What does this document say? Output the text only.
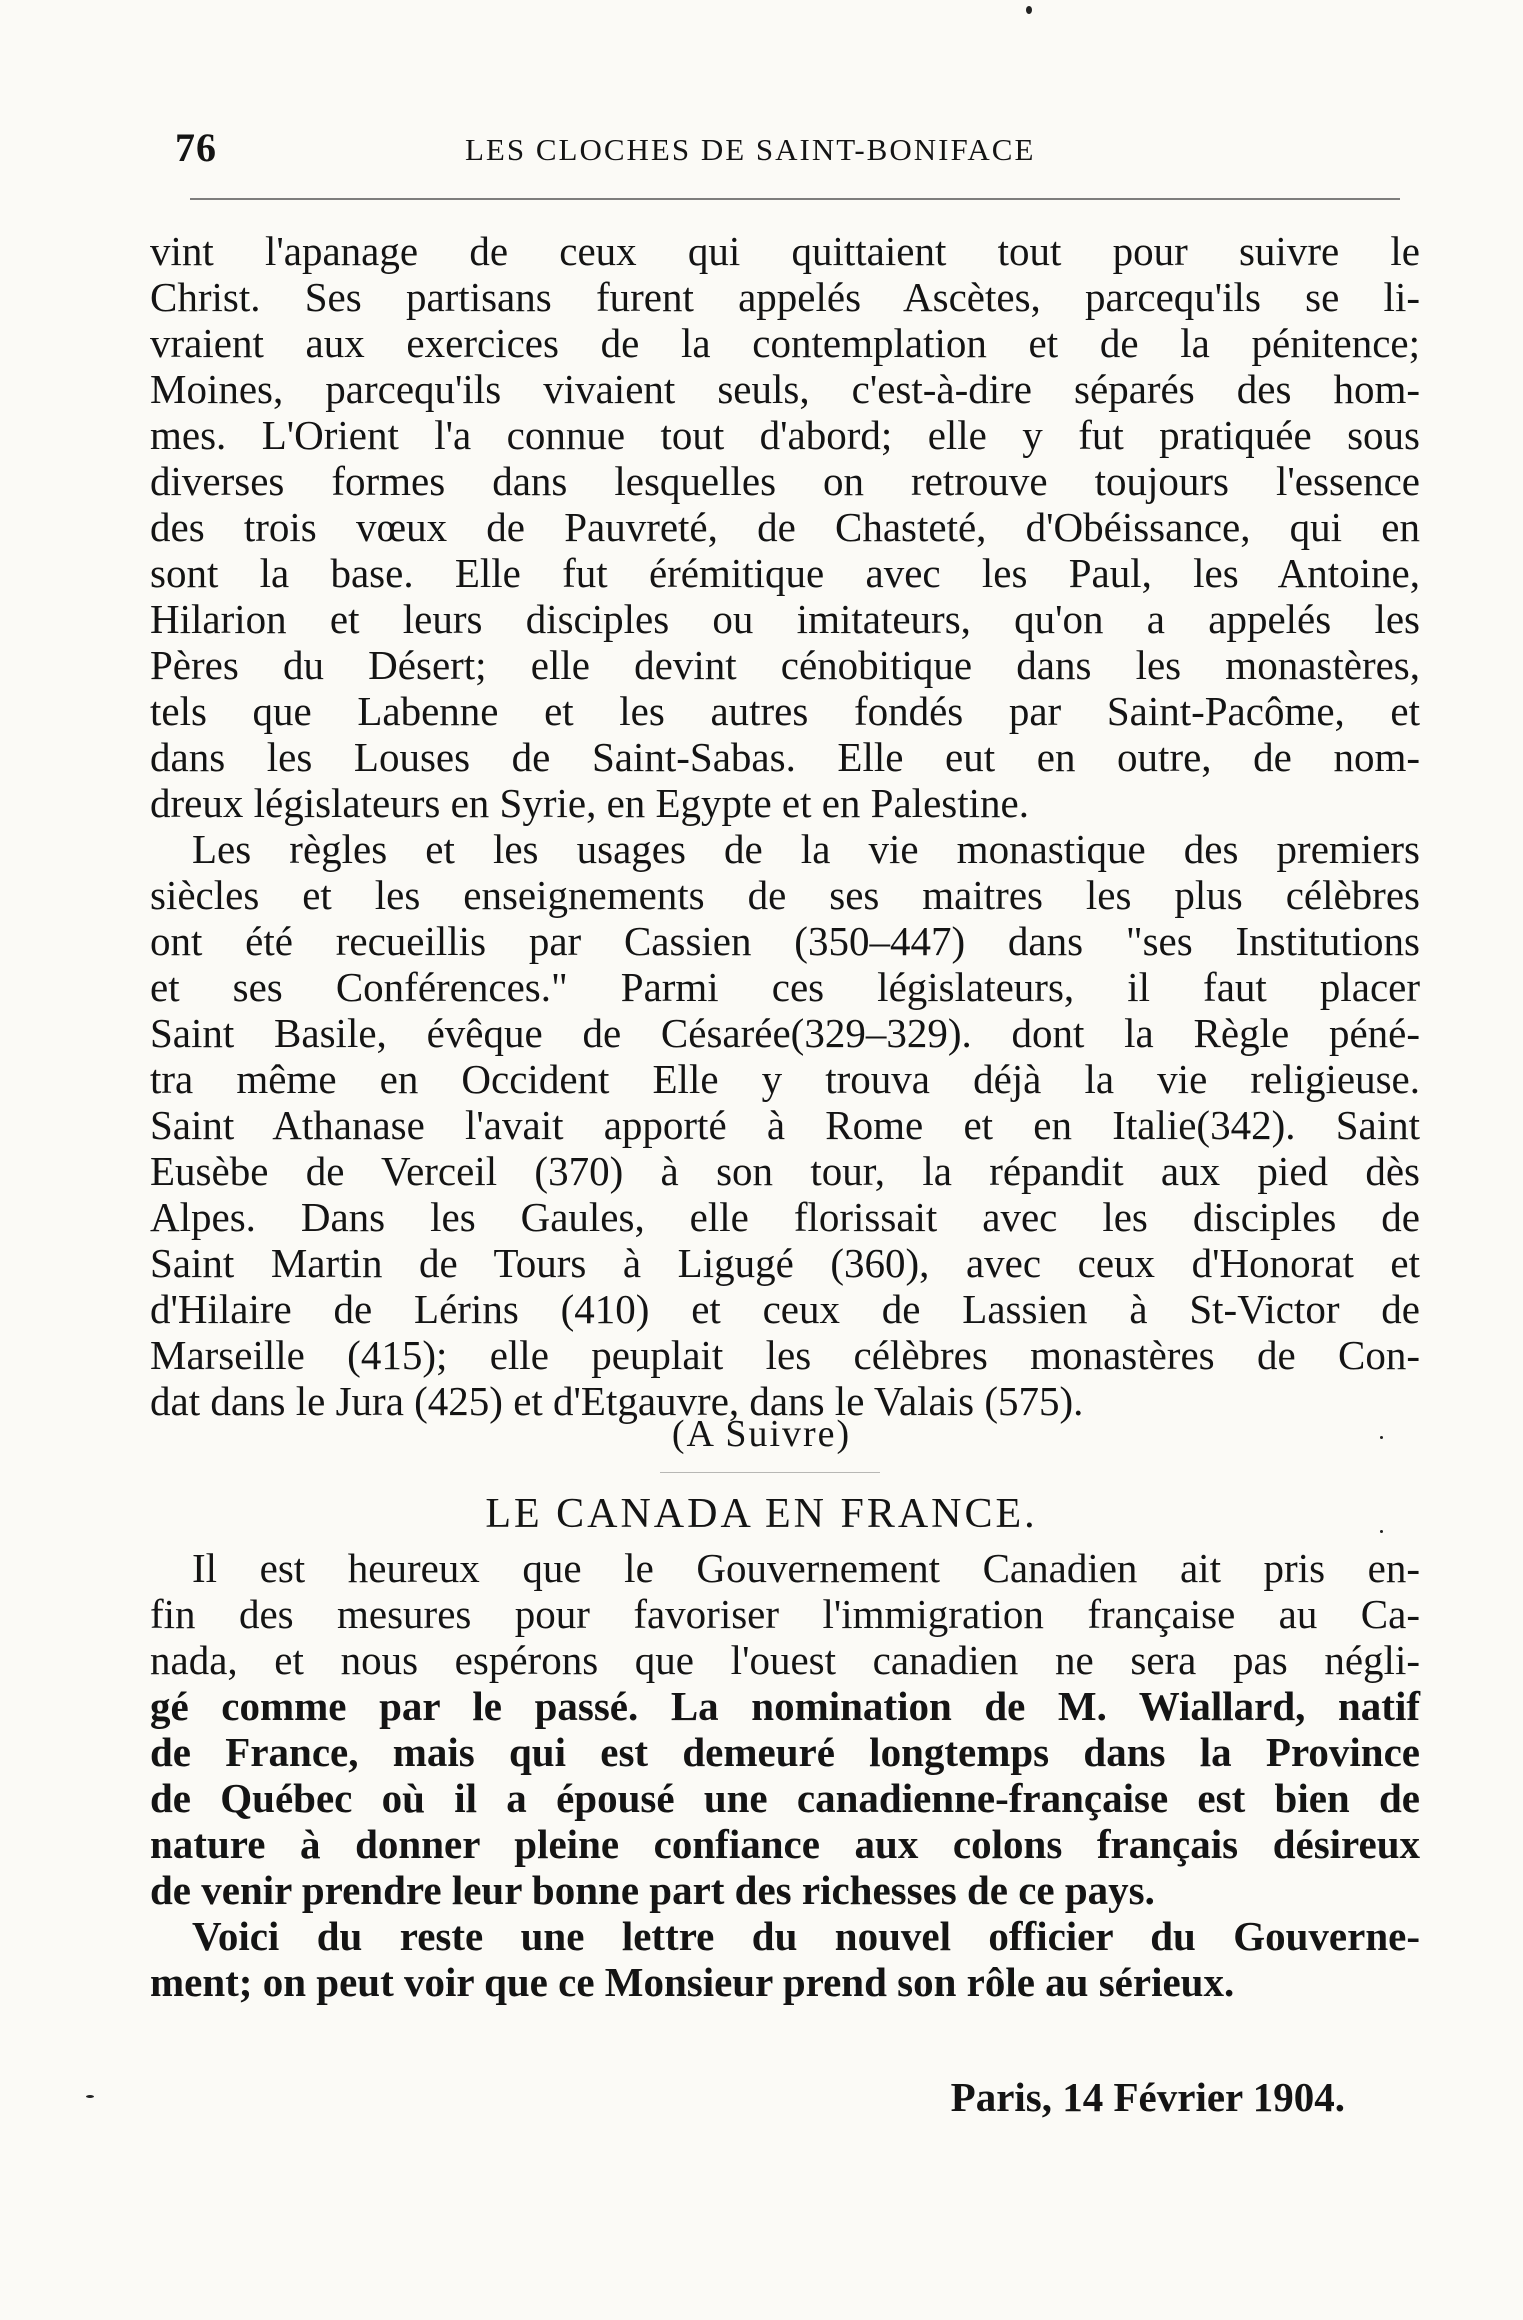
76	LES CLOCHES DE SAINT-BONIFACE

vint l'apanage de ceux qui quittaient tout pour suivre le
Christ. Ses partisans furent appelés Ascètes, parcequ'ils se li-
vraient aux exercices de la contemplation et de la pénitence;
Moines, parcequ'ils vivaient seuls, c'est-à-dire séparés des hom-
mes. L'Orient l'a connue tout d'abord; elle y fut pratiquée sous
diverses formes dans lesquelles on retrouve toujours l'essence
des trois vœux de Pauvreté, de Chasteté, d'Obéissance, qui en
sont la base. Elle fut érémitique avec les Paul, les Antoine,
Hilarion et leurs disciples ou imitateurs, qu'on a appelés les
Pères du Désert; elle devint cénobitique dans les monastères,
tels que Labenne et les autres fondés par Saint-Pacôme, et
dans les Louses de Saint-Sabas. Elle eut en outre, de nom-
dreux législateurs en Syrie, en Egypte et en Palestine.

Les règles et les usages de la vie monastique des premiers
siècles et les enseignements de ses maitres les plus célèbres
ont été recueillis par Cassien (350–447) dans "ses Institutions
et ses Conférences." Parmi ces législateurs, il faut placer
Saint Basile, évêque de Césarée(329–329). dont la Règle péné-
tra même en Occident Elle y trouva déjà la vie religieuse.
Saint Athanase l'avait apporté à Rome et en Italie(342). Saint
Eusèbe de Verceil (370) à son tour, la répandit aux pied dès
Alpes. Dans les Gaules, elle florissait avec les disciples de
Saint Martin de Tours à Ligugé (360), avec ceux d'Honorat et
d'Hilaire de Lérins (410) et ceux de Lassien à St-Victor de
Marseille (415); elle peuplait les célèbres monastères de Con-
dat dans le Jura (425) et d'Etgauvre, dans le Valais (575).

(A Suivre)
LE CANADA EN FRANCE.

Il est heureux que le Gouvernement Canadien ait pris en-
fin des mesures pour favoriser l'immigration française au Ca-
nada, et nous espérons que l'ouest canadien ne sera pas négli-
gé comme par le passé. La nomination de M. Wiallard, natif
de France, mais qui est demeuré longtemps dans la Province
de Québec où il a épousé une canadienne-française est bien de
nature à donner pleine confiance aux colons français désireux
de venir prendre leur bonne part des richesses de ce pays.

Voici du reste une lettre du nouvel officier du Gouverne-
ment; on peut voir que ce Monsieur prend son rôle au sérieux.

Paris, 14 Février 1904.
